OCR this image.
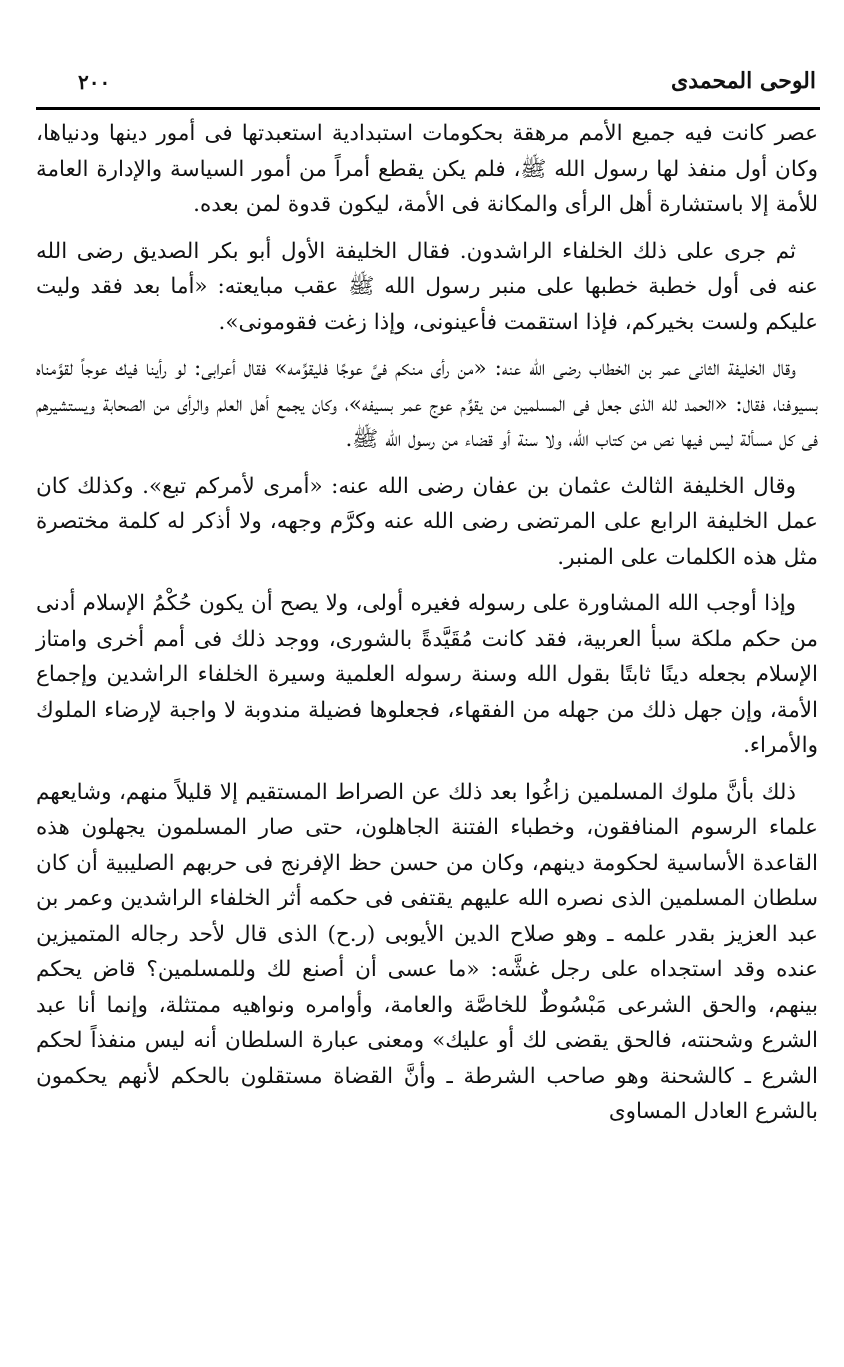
الوحى المحمدى
٢٠٠

عصر كانت فيه جميع الأمم مرهقة بحكومات استبدادية استعبدتها فى أمور دينها ودنياها، وكان أول منفذ لها رسول الله ﷺ، فلم يكن يقطع أمراً من أمور السياسة والإدارة العامة للأمة إلا باستشارة أهل الرأى والمكانة فى الأمة، ليكون قدوة لمن بعده.

ثم جرى على ذلك الخلفاء الراشدون. فقال الخليفة الأول أبو بكر الصديق رضى الله عنه فى أول خطبة خطبها على منبر رسول الله ﷺ عقب مبايعته: «أما بعد فقد وليت عليكم ولست بخيركم، فإذا استقمت فأعينونى، وإذا زغت فقومونى».

وقال الخليفة الثانى عمر بن الخطاب رضى الله عنه: «من رأى منكم فىَّ عوجًا فليقوِّمه» فقال أعرابى: لو رأينا فيك عوجاً لقوَّمناه بسيوفنا، فقال: «الحمد لله الذى جعل فى المسلمين من يقوِّم عوج عمر بسيفه»، وكان يجمع أهل العلم والرأى من الصحابة ويستشيرهم فى كل مسألة ليس فيها نص من كتاب الله، ولا سنة أو قضاء من رسول الله ﷺ.

وقال الخليفة الثالث عثمان بن عفان رضى الله عنه: «أمرى لأمركم تبع». وكذلك كان عمل الخليفة الرابع على المرتضى رضى الله عنه وكرَّم وجهه، ولا أذكر له كلمة مختصرة مثل هذه الكلمات على المنبر.

وإذا أوجب الله المشاورة على رسوله فغيره أولى، ولا يصح أن يكون حُكْمُ الإسلام أدنى من حكم ملكة سبأ العربية، فقد كانت مُقَيَّدةً بالشورى، ووجد ذلك فى أمم أخرى وامتاز الإسلام بجعله دينًا ثابتًا بقول الله وسنة رسوله العلمية وسيرة الخلفاء الراشدين وإجماع الأمة، وإن جهل ذلك من جهله من الفقهاء، فجعلوها فضيلة مندوبة لا واجبة لإرضاء الملوك والأمراء.

ذلك بأنَّ ملوك المسلمين زاغُوا بعد ذلك عن الصراط المستقيم إلا قليلاً منهم، وشايعهم علماء الرسوم المنافقون، وخطباء الفتنة الجاهلون، حتى صار المسلمون يجهلون هذه القاعدة الأساسية لحكومة دينهم، وكان من حسن حظ الإفرنج فى حربهم الصليبية أن كان سلطان المسلمين الذى نصره الله عليهم يقتفى فى حكمه أثر الخلفاء الراشدين وعمر بن عبد العزيز بقدر علمه ـ وهو صلاح الدين الأيوبى (ر.ح) الذى قال لأحد رجاله المتميزين عنده وقد استجداه على رجل غشَّه: «ما عسى أن أصنع لك وللمسلمين؟ قاض يحكم بينهم، والحق الشرعى مَبْسُوطٌ للخاصَّة والعامة، وأوامره ونواهيه ممتثلة، وإنما أنا عبد الشرع وشحنته، فالحق يقضى لك أو عليك» ومعنى عبارة السلطان أنه ليس منفذاً لحكم الشرع ـ كالشحنة وهو صاحب الشرطة ـ وأنَّ القضاة مستقلون بالحكم لأنهم يحكمون بالشرع العادل المساوى
